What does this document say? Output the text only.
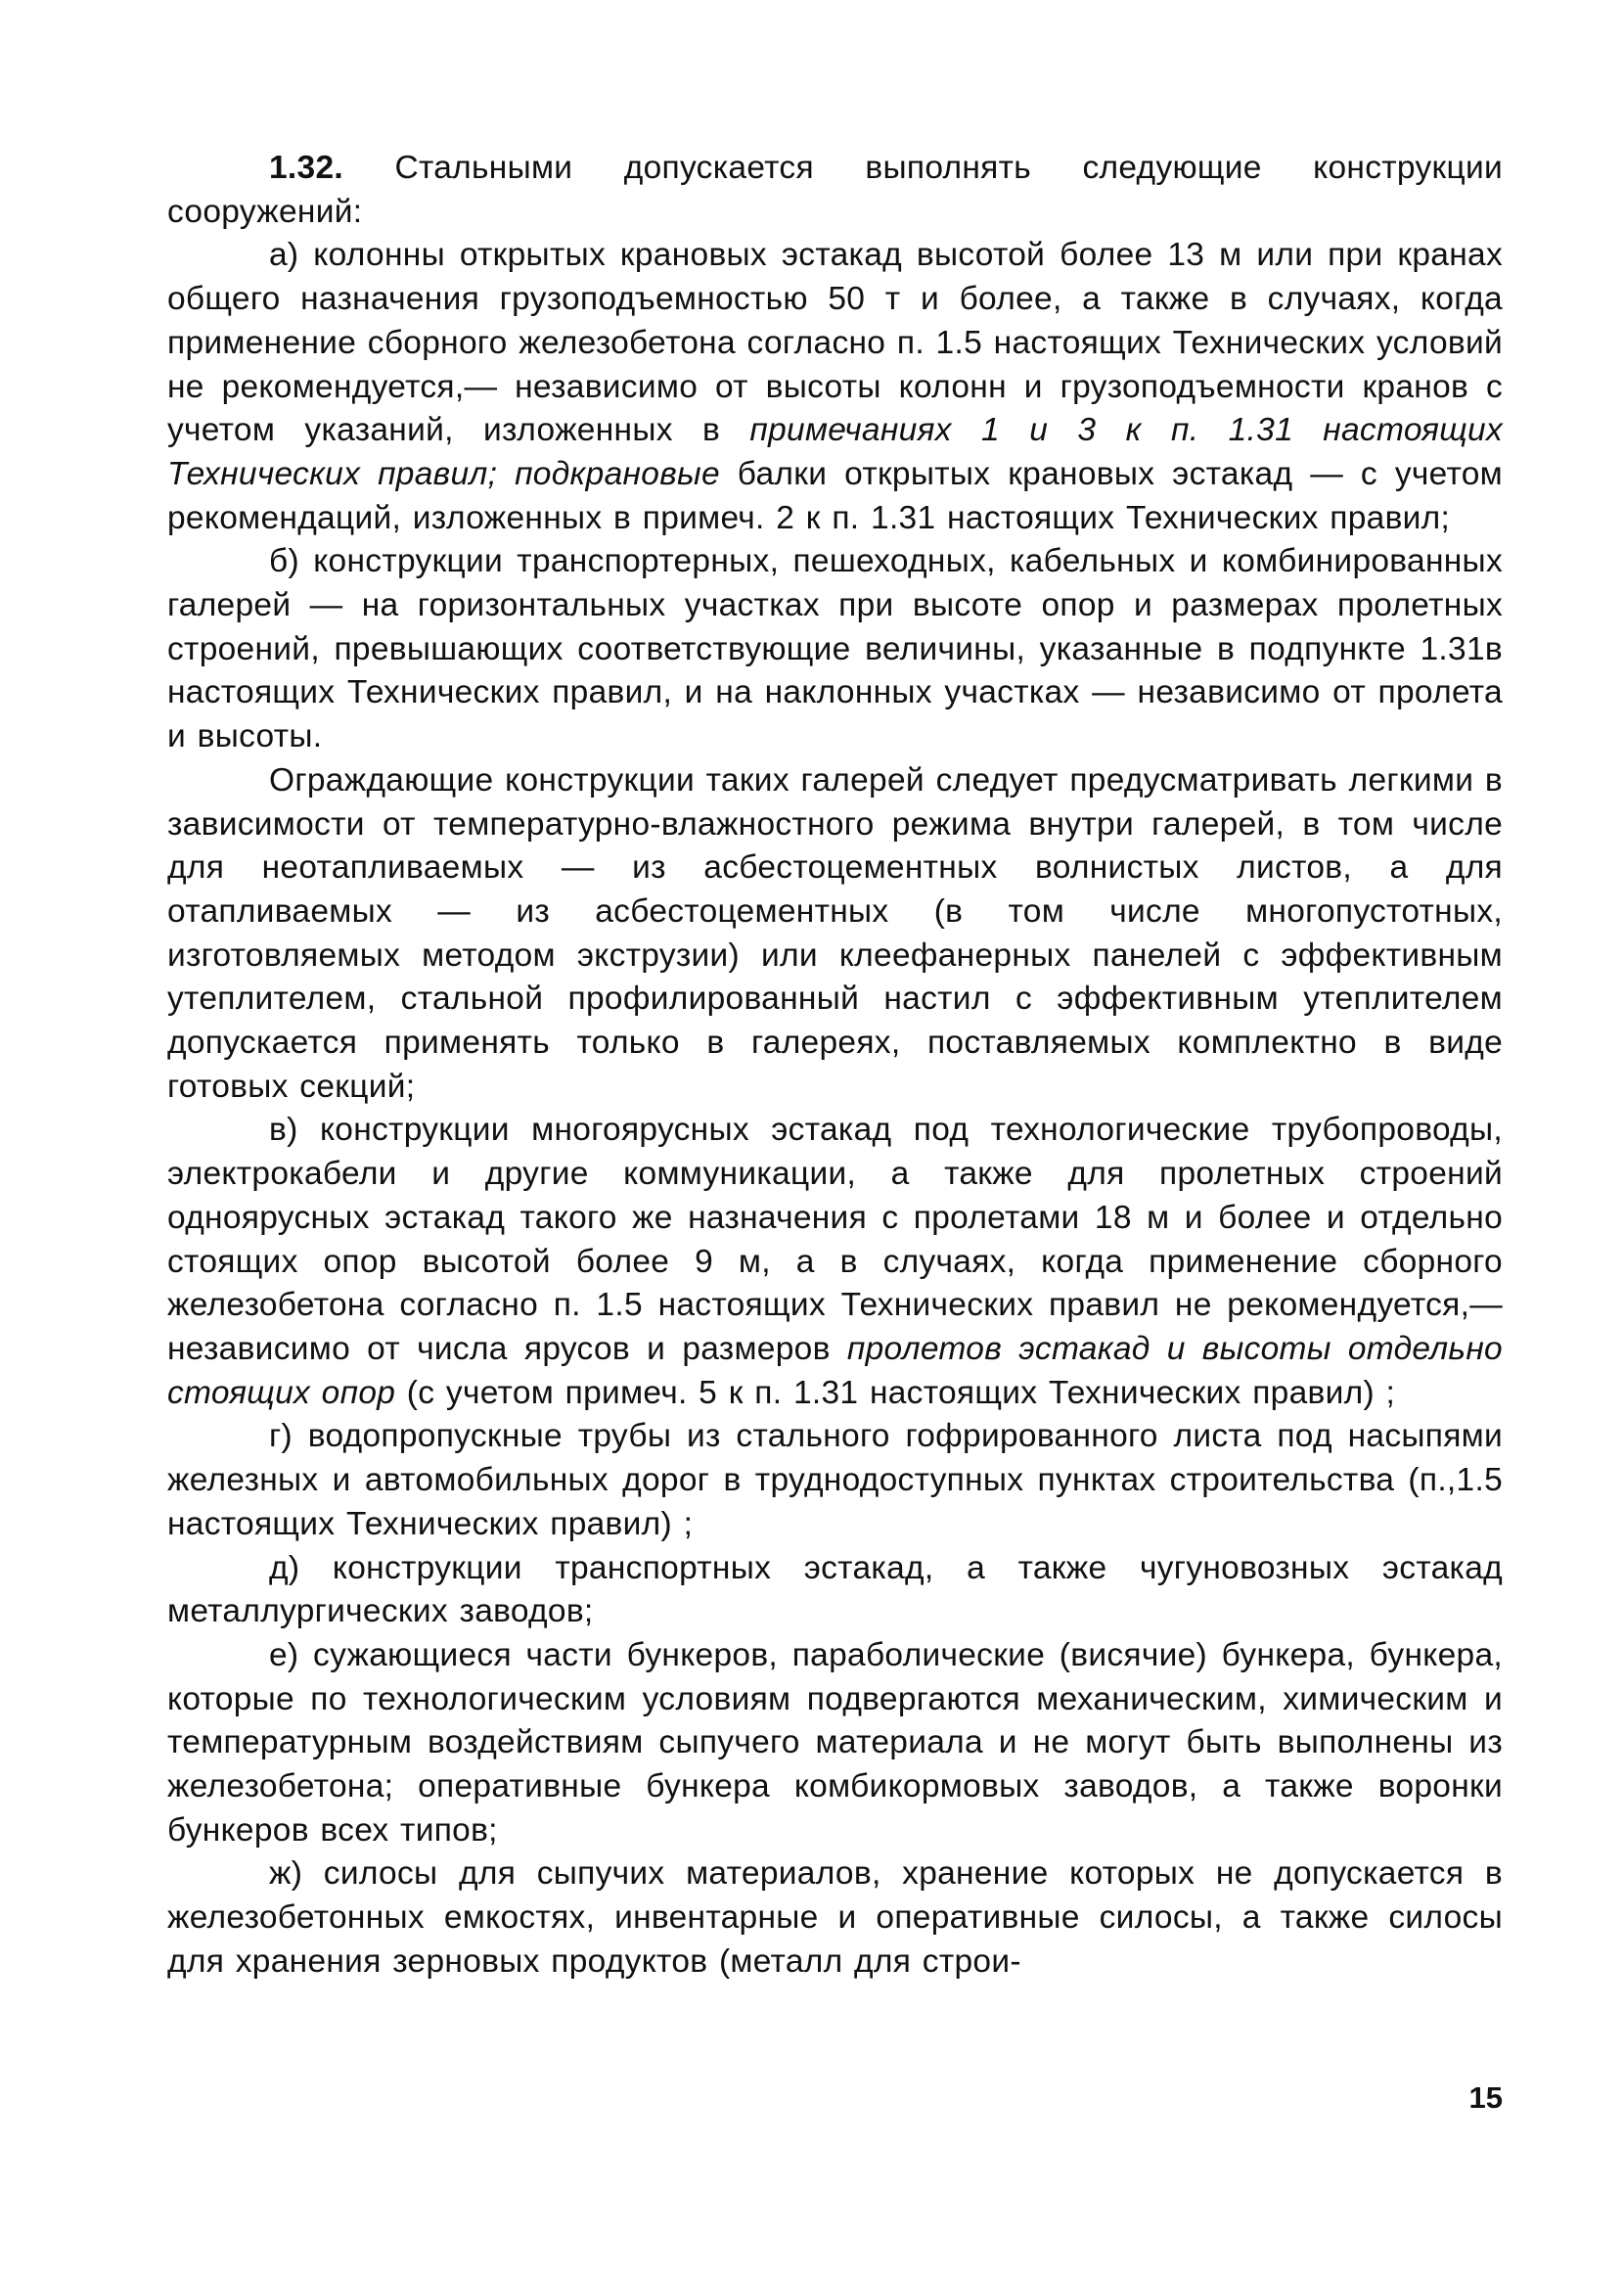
1.32. Стальными допускается выполнять следующие конструкции сооружений:

а) колонны открытых крановых эстакад высотой более 13 м или при кранах общего назначения грузоподъемностью 50 т и более, а также в случаях, когда применение сборного железобетона согласно п. 1.5 настоящих Технических условий не рекомендуется,— независимо от высоты колонн и грузоподъемности кранов с учетом указаний, изложенных в примечаниях 1 и 3 к п. 1.31 настоящих Технических правил; подкрановые балки открытых крановых эстакад — с учетом рекомендаций, изложенных в примеч. 2 к п. 1.31 настоящих Технических правил;

б) конструкции транспортерных, пешеходных, кабельных и комбинированных галерей — на горизонтальных участках при высоте опор и размерах пролетных строений, превышающих соответствующие величины, указанные в подпункте 1.31в настоящих Технических правил, и на наклонных участках — независимо от пролета и высоты.

Ограждающие конструкции таких галерей следует предусматривать легкими в зависимости от температурно-влажностного режима внутри галерей, в том числе для неотапливаемых — из асбестоцементных волнистых листов, а для отапливаемых — из асбестоцементных (в том числе многопустотных, изготовляемых методом экструзии) или клеефанерных панелей с эффективным утеплителем, стальной профилированный настил с эффективным утеплителем допускается применять только в галереях, поставляемых комплектно в виде готовых секций;

в) конструкции многоярусных эстакад под технологические трубопроводы, электрокабели и другие коммуникации, а также для пролетных строений одноярусных эстакад такого же назначения с пролетами 18 м и более и отдельно стоящих опор высотой более 9 м, а в случаях, когда применение сборного железобетона согласно п. 1.5 настоящих Технических правил не рекомендуется,— независимо от числа ярусов и размеров пролетов эстакад и высоты отдельно стоящих опор (с учетом примеч. 5 к п. 1.31 настоящих Технических правил) ;

г) водопропускные трубы из стального гофрированного листа под насыпями железных и автомобильных дорог в труднодоступных пунктах строительства (п.,1.5 настоящих Технических правил) ;

д) конструкции транспортных эстакад, а также чугуновозных эстакад металлургических заводов;

е) сужающиеся части бункеров, параболические (висячие) бункера, бункера, которые по технологическим условиям подвергаются механическим, химическим и температурным воздействиям сыпучего материала и не могут быть выполнены из железобетона; оперативные бункера комбикормовых заводов, а также воронки бункеров всех типов;

ж) силосы для сыпучих материалов, хранение которых не допускается в железобетонных емкостях, инвентарные и оперативные силосы, а также силосы для хранения зерновых продуктов (металл для строи-

15
